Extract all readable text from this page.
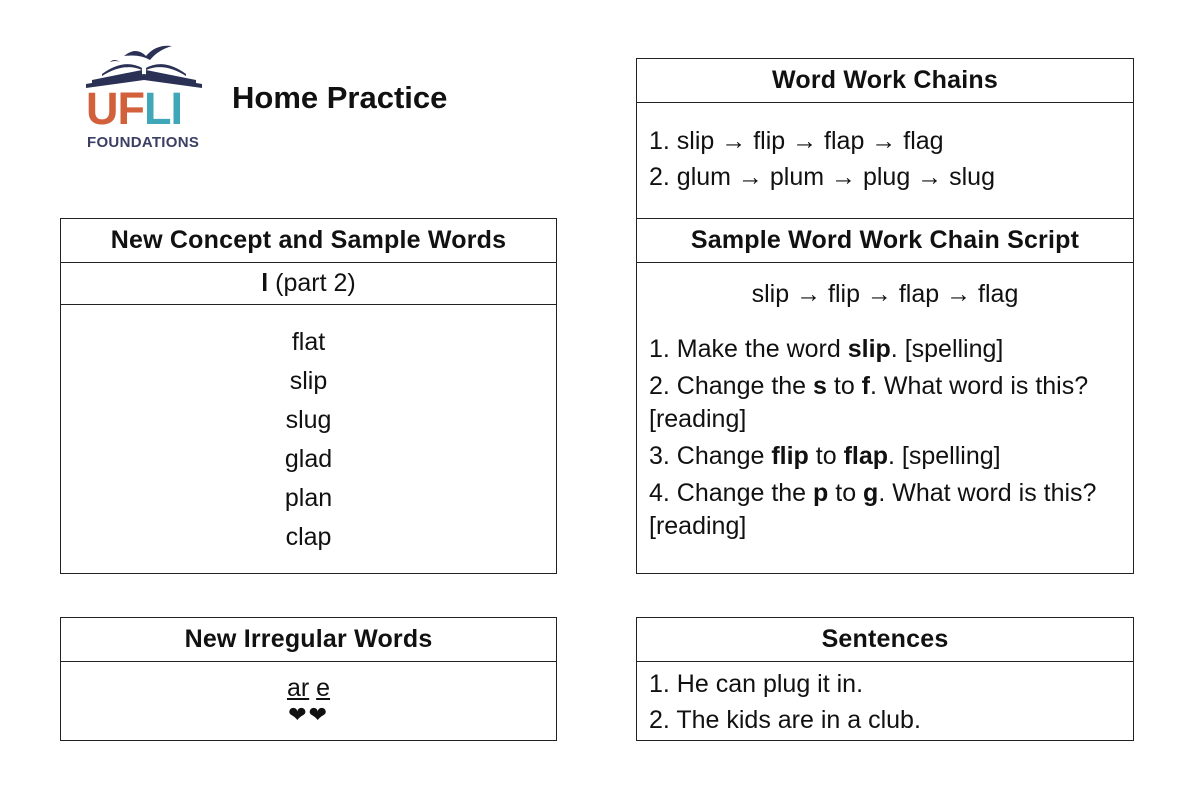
UFLI
FOUNDATIONS
Home Practice
New Concept and Sample Words
l (part 2)
flat
slip
slug
glad
plan
clap
New Irregular Words
ar e
❤❤
Word Work Chains
1. slip → flip → flap → flag
2. glum → plum → plug → slug
Sample Word Work Chain Script
slip → flip → flap → flag
1. Make the word slip. [spelling]
2. Change the s to f. What word is this? [reading]
3. Change flip to flap. [spelling]
4. Change the p to g. What word is this? [reading]
Sentences
1. He can plug it in.
2. The kids are in a club.
